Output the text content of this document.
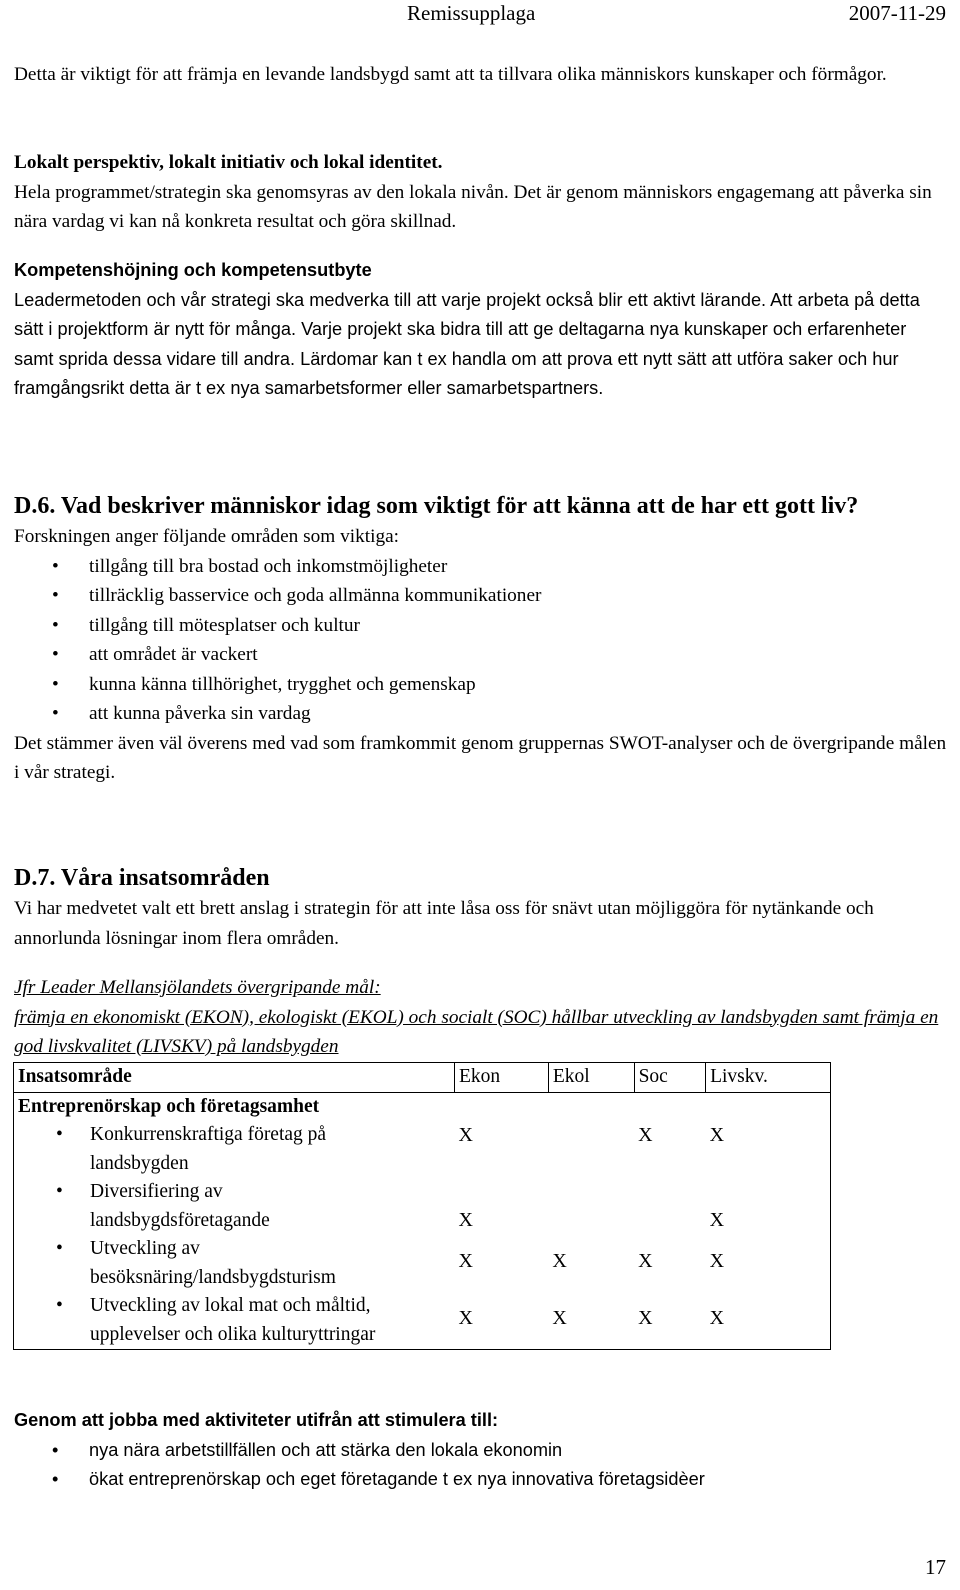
Remissupplaga	2007-11-29

Detta är viktigt för att främja en levande landsbygd samt att ta tillvara olika människors kunskaper och förmågor.

Lokalt perspektiv, lokalt initiativ och lokal identitet.

Hela programmet/strategin ska genomsyras av den lokala nivån. Det är genom människors engagemang att påverka sin nära vardag vi kan nå konkreta resultat och göra skillnad.

Kompetenshöjning och kompetensutbyte

Leadermetoden och vår strategi ska medverka till att varje projekt också blir ett aktivt lärande. Att arbeta på detta sätt i projektform är nytt för många. Varje projekt ska bidra till att ge deltagarna nya kunskaper och erfarenheter samt sprida dessa vidare till andra. Lärdomar kan t ex handla om att prova ett nytt sätt att utföra saker och hur framgångsrikt detta är t ex nya samarbetsformer eller samarbetspartners.

D.6. Vad beskriver människor idag som viktigt för att känna att de har ett gott liv?

Forskningen anger följande områden som viktiga:

• tillgång till bra bostad och inkomstmöjligheter
• tillräcklig basservice och goda allmänna kommunikationer
• tillgång till mötesplatser och kultur
• att området är vackert
• kunna känna tillhörighet, trygghet och gemenskap
• att kunna påverka sin vardag

Det stämmer även väl överens med vad som framkommit genom gruppernas SWOT-analyser och de övergripande målen i vår strategi.

D.7. Våra insatsområden

Vi har medvetet valt ett brett anslag i strategin för att inte låsa oss för snävt utan möjliggöra för nytänkande och annorlunda lösningar inom flera områden.

Jfr Leader Mellansjölandets övergripande mål:

främja en ekonomiskt (EKON), ekologiskt (EKOL) och socialt (SOC) hållbar utveckling av landsbygden samt främja en god livskvalitet (LIVSKV) på landsbygden

Insatsområde	Ekon	Ekol	Soc	Livskv.
Entreprenörskap och företagsamhet				

• Konkurrenskraftiga företag på landsbygden	X		X	X

• Diversifiering av landsbygdsföretagande	X			X

• Utveckling av besöksnäring/landsbygdsturism	X	X	X	X

• Utveckling av lokal mat och måltid, upplevelser och olika kulturyttringar	X	X	X	X

Genom att jobba med aktiviteter utifrån att stimulera till:

• nya nära arbetstillfällen och att stärka den lokala ekonomin
• ökat entreprenörskap och eget företagande t ex nya innovativa företagsidèer
17
